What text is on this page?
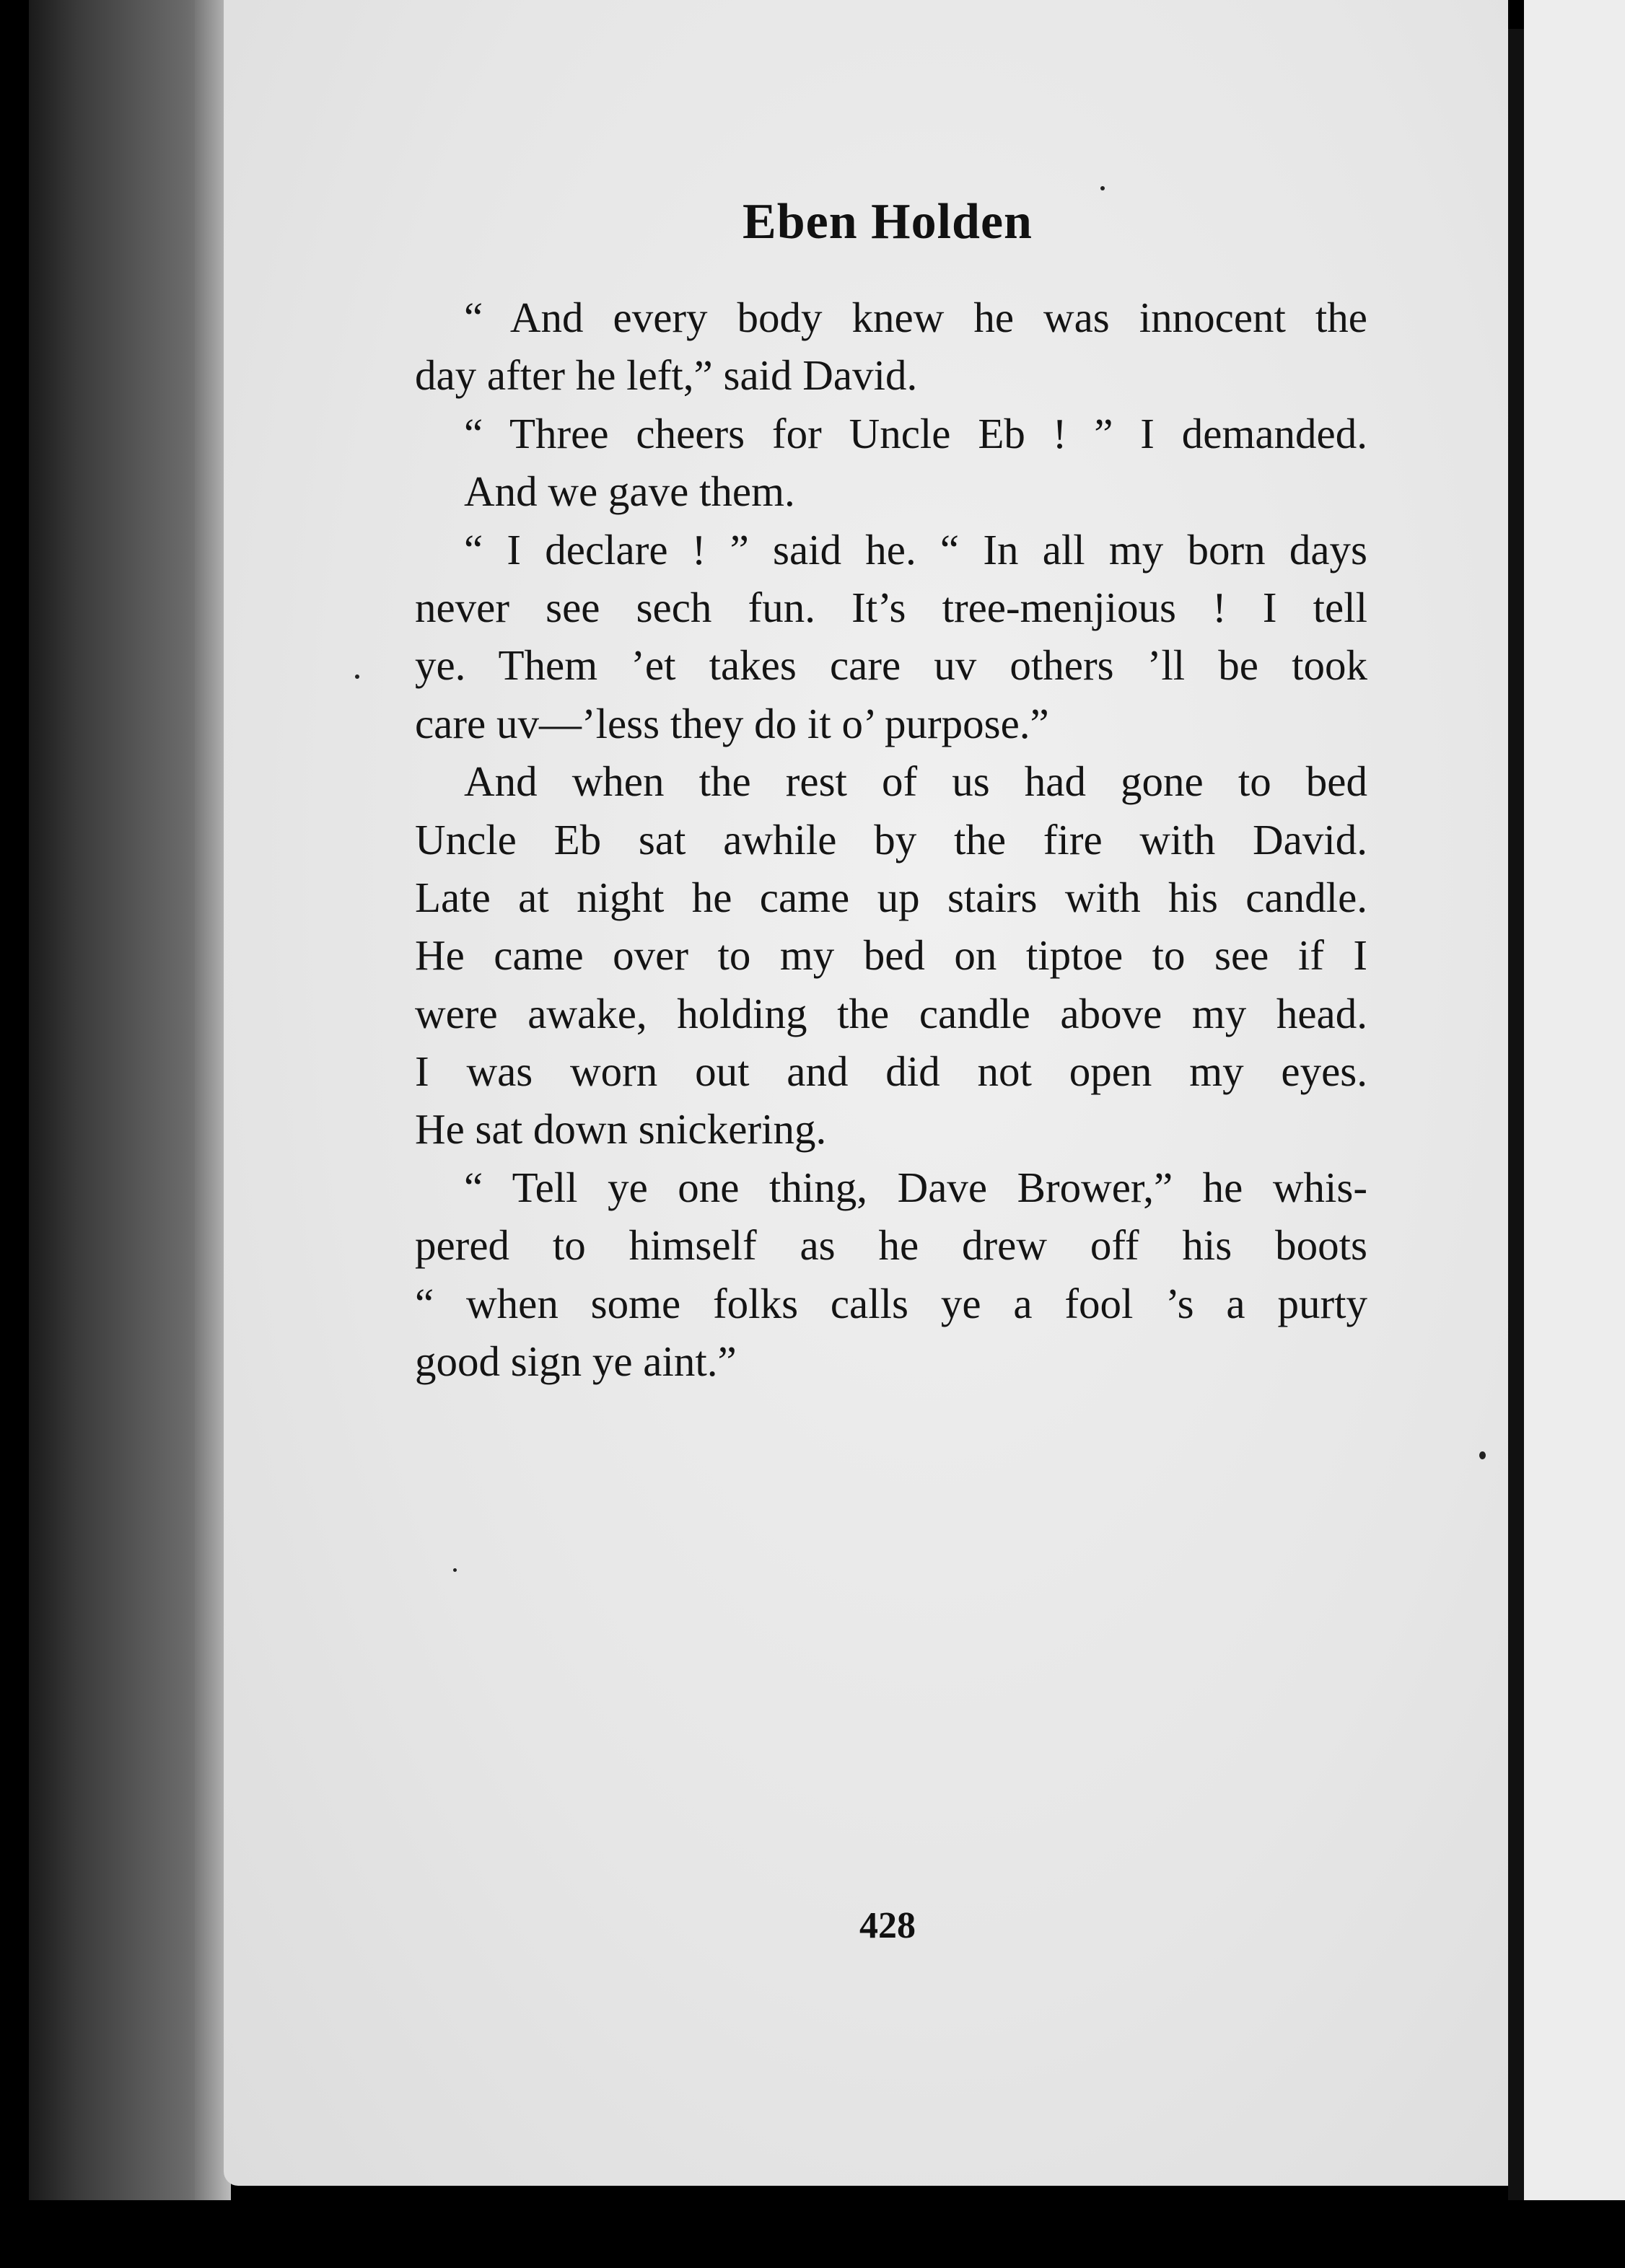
Eben Holden
“ And every body knew he was innocent the
day after he left,” said David.
“ Three cheers for Uncle Eb ! ” I demanded.
And we gave them.
“ I declare ! ” said he. “ In all my born days
never see sech fun. It’s tree-menjious ! I tell
ye. Them ’et takes care uv others ’ll be took
care uv—’less they do it o’ purpose.”
And when the rest of us had gone to bed
Uncle Eb sat awhile by the fire with David.
Late at night he came up stairs with his candle.
He came over to my bed on tiptoe to see if I
were awake, holding the candle above my head.
I was worn out and did not open my eyes.
He sat down snickering.
“ Tell ye one thing, Dave Brower,” he whis-
pered to himself as he drew off his boots
“ when some folks calls ye a fool ’s a purty
good sign ye aint.”

428
